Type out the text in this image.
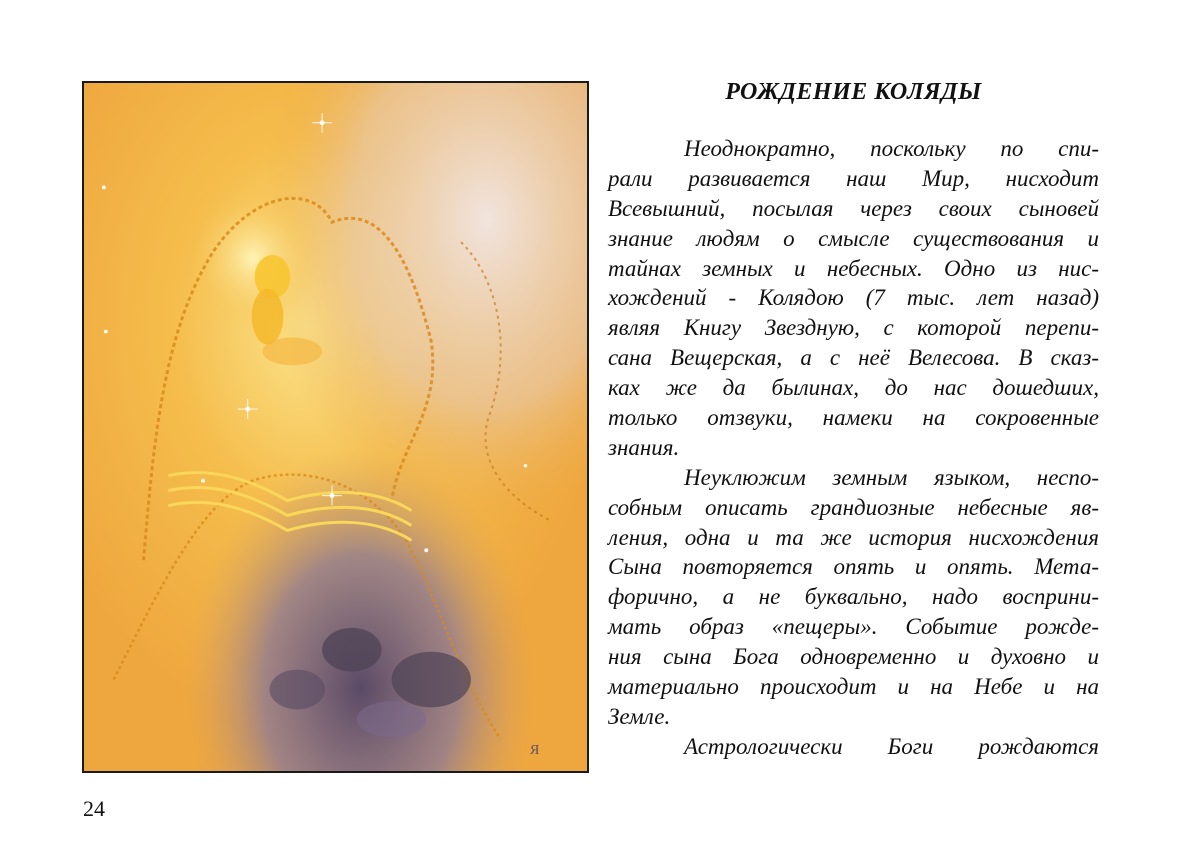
Я
РОЖДЕНИЕ КОЛЯДЫ
Неоднократно, поскольку по спи-
рали развивается наш Мир, нисходит
Всевышний, посылая через своих сыновей
знание людям о смысле существования и
тайнах земных и небесных. Одно из нис-
хождений - Колядою (7 тыс. лет назад)
являя Книгу Звездную, с которой перепи-
сана Вещерская, а с неё Велесова. В сказ-
ках же да былинах, до нас дошедших,
только отзвуки, намеки на сокровенные
знания.
Неуклюжим земным языком, неспо-
собным описать грандиозные небесные яв-
ления, одна и та же история нисхождения
Сына повторяется опять и опять. Мета-
форично, а не буквально, надо восприни-
мать образ «пещеры». Событие рожде-
ния сына Бога одновременно и духовно и
материально происходит и на Небе и на
Земле.
Астрологически Боги рождаются
24
